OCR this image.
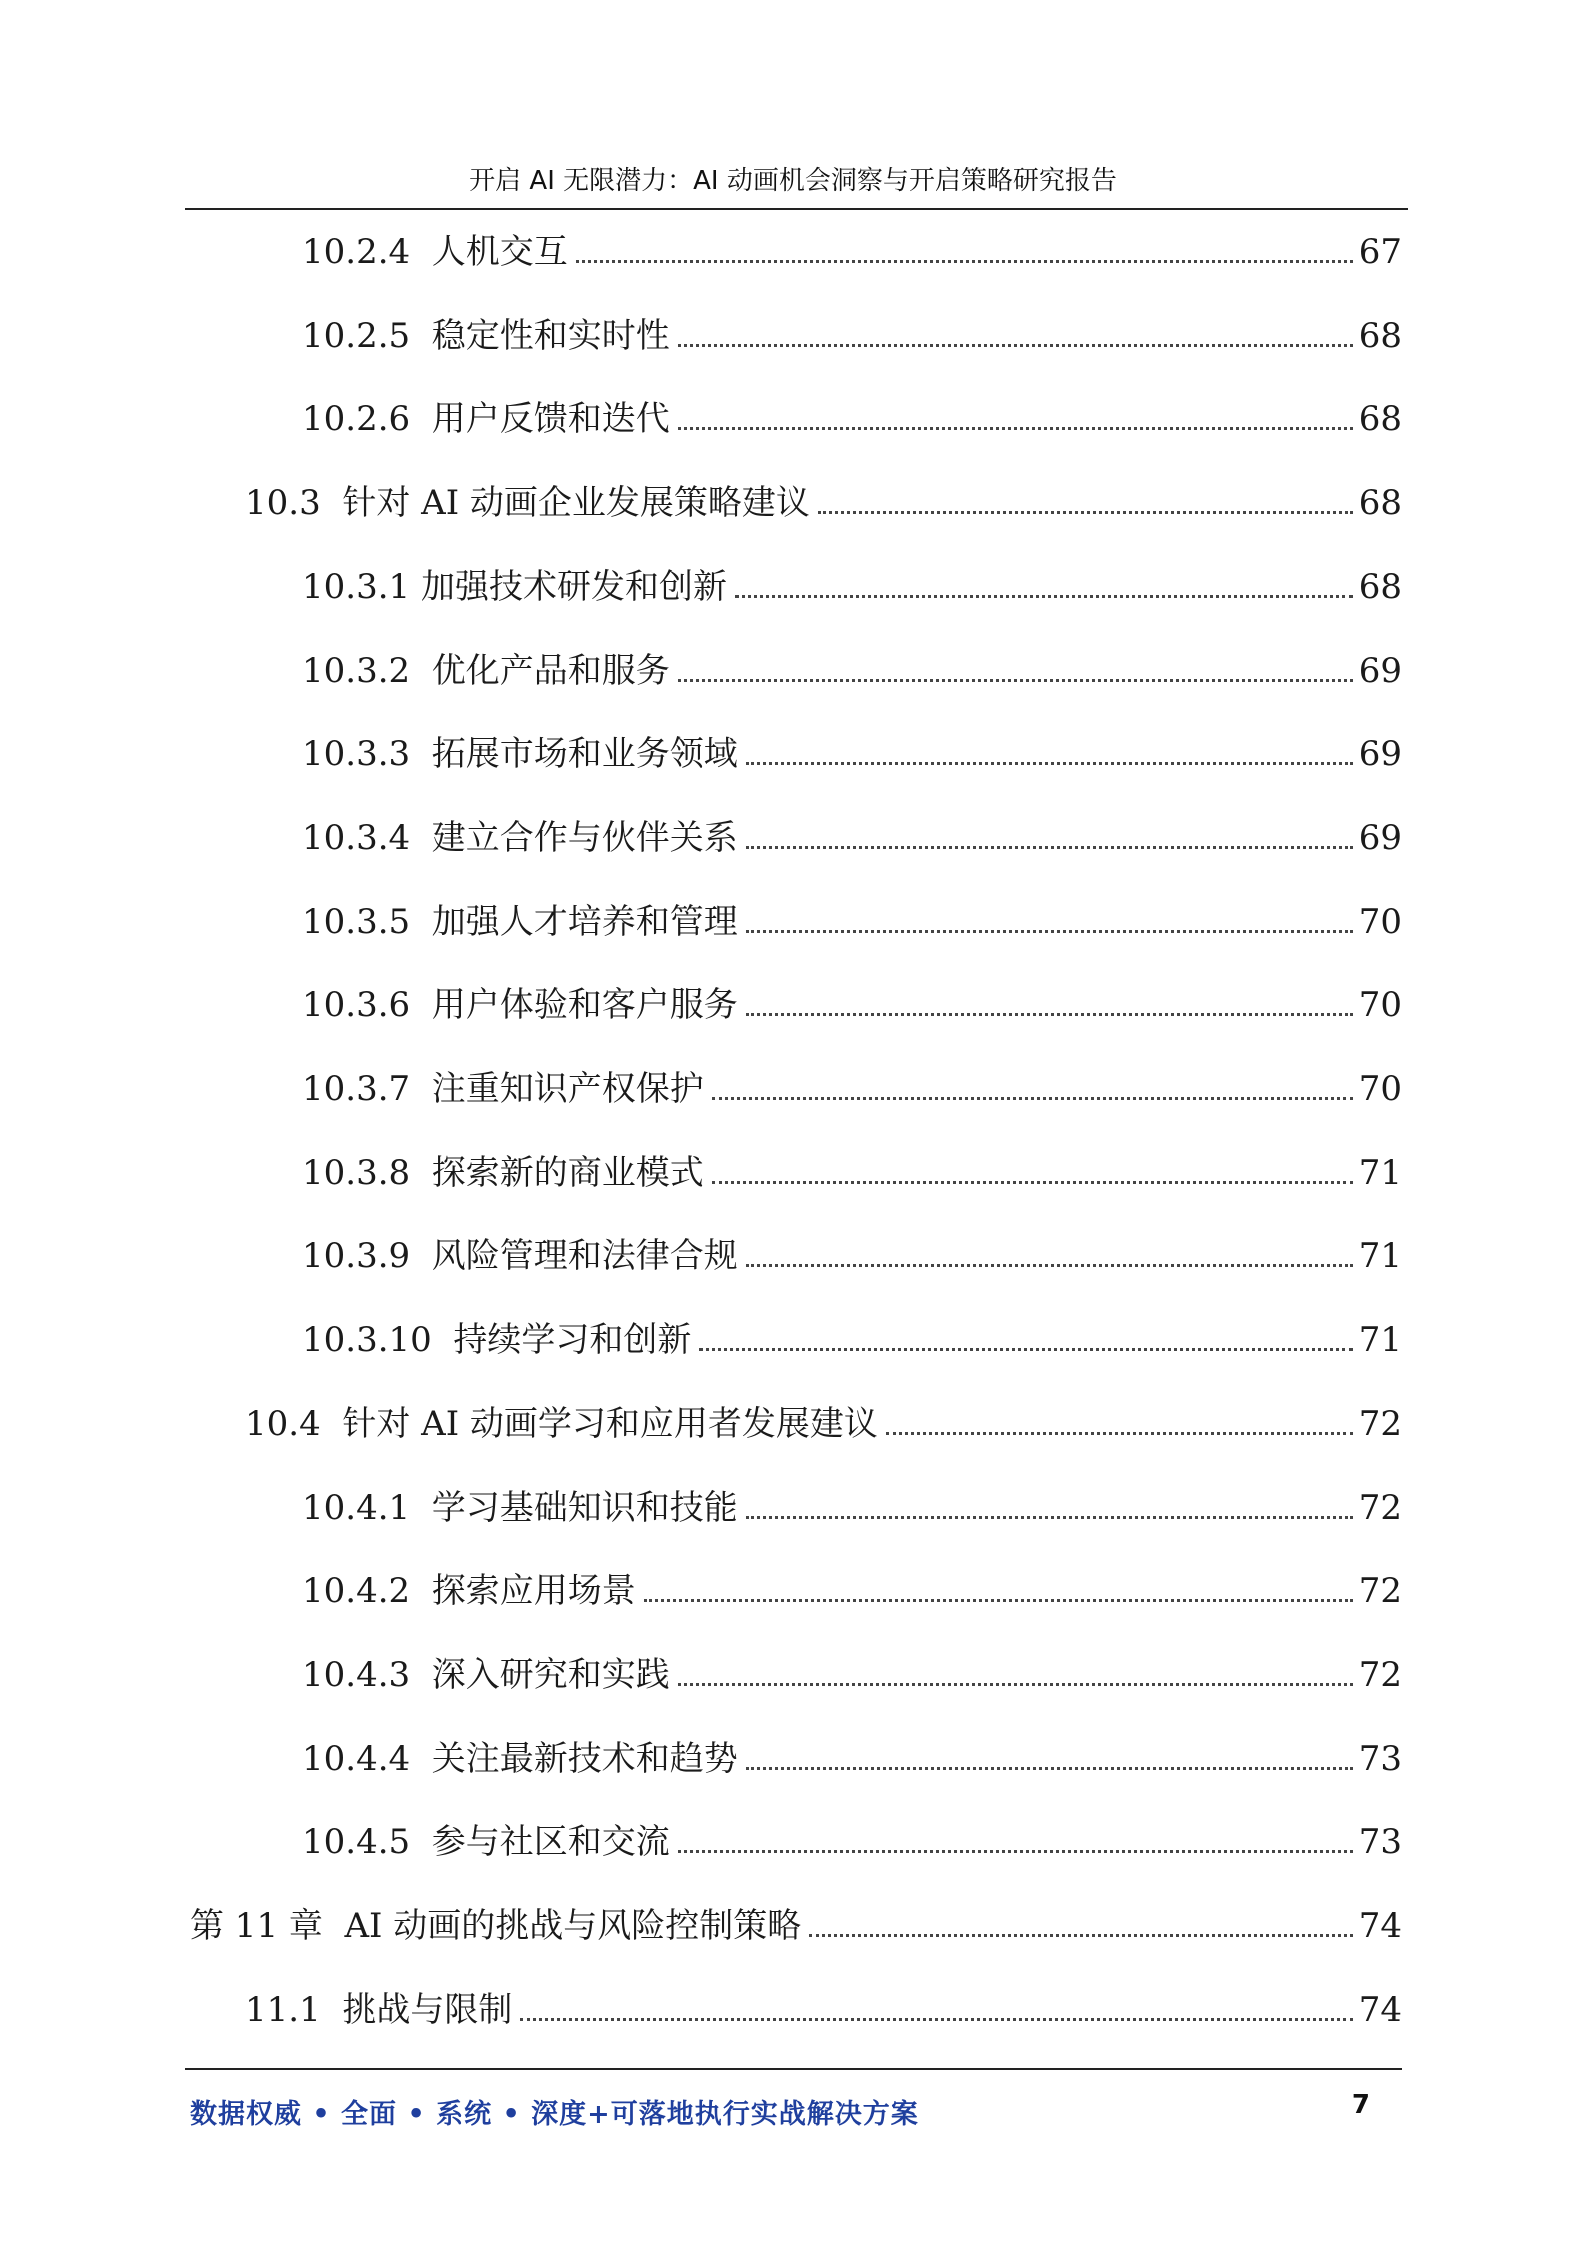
开启 AI 无限潜力：AI 动画机会洞察与开启策略研究报告
10.2.4 人机交互	67
10.2.5 稳定性和实时性	68
10.2.6 用户反馈和迭代	68
10.3 针对 AI 动画企业发展策略建议	68
10.3.1 加强技术研发和创新	68
10.3.2 优化产品和服务	69
10.3.3 拓展市场和业务领域	69
10.3.4 建立合作与伙伴关系	69
10.3.5 加强人才培养和管理	70
10.3.6 用户体验和客户服务	70
10.3.7 注重知识产权保护	70
10.3.8 探索新的商业模式	71
10.3.9 风险管理和法律合规	71
10.3.10 持续学习和创新	71
10.4 针对 AI 动画学习和应用者发展建议	72
10.4.1 学习基础知识和技能	72
10.4.2 探索应用场景	72
10.4.3 深入研究和实践	72
10.4.4 关注最新技术和趋势	73
10.4.5 参与社区和交流	73
第 11 章 AI 动画的挑战与风险控制策略	74
11.1 挑战与限制	74
数据权威 • 全面 • 系统 • 深度+可落地执行实战解决方案	7
